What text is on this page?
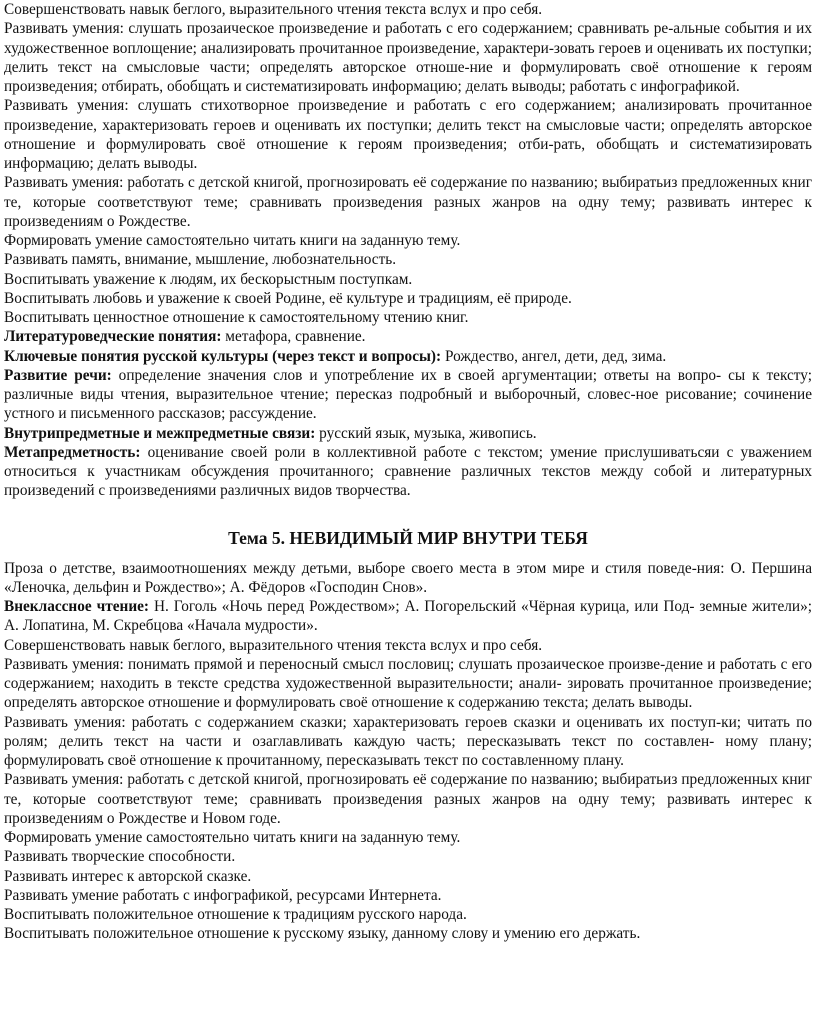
Совершенствовать навык беглого, выразительного чтения текста вслух и про себя.

Развивать умения: слушать прозаическое произведение и работать с его содержанием; сравнивать ре-альные события и их художественное воплощение; анализировать прочитанное произведение, характери-зовать героев и оценивать их поступки; делить текст на смысловые части; определять авторское отноше-ние и формулировать своё отношение к героям произведения; отбирать, обобщать и систематизировать информацию; делать выводы; работать с инфографикой.

Развивать умения: слушать стихотворное произведение и работать с его содержанием; анализировать прочитанное произведение, характеризовать героев и оценивать их поступки; делить текст на смысловые части; определять авторское отношение и формулировать своё отношение к героям произведения; отби-рать, обобщать и систематизировать информацию; делать выводы.

Развивать умения: работать с детской книгой, прогнозировать её содержание по названию; выбиратьиз предложенных книг те, которые соответствуют теме; сравнивать произведения разных жанров на одну тему; развивать интерес к произведениям о Рождестве.

Формировать умение самостоятельно читать книги на заданную тему.

Развивать память, внимание, мышление, любознательность.

Воспитывать уважение к людям, их бескорыстным поступкам.

Воспитывать любовь и уважение к своей Родине, её культуре и традициям, её природе.

Воспитывать ценностное отношение к самостоятельному чтению книг.

Литературоведческие понятия: метафора, сравнение.

Ключевые понятия русской культуры (через текст и вопросы): Рождество, ангел, дети, дед, зима.

Развитие речи: определение значения слов и употребление их в своей аргументации; ответы на вопро- сы к тексту; различные виды чтения, выразительное чтение; пересказ подробный и выборочный, словес-ное рисование; сочинение устного и письменного рассказов; рассуждение.

Внутрипредметные и межпредметные связи: русский язык, музыка, живопись.

Метапредметность: оценивание своей роли в коллективной работе с текстом; умение прислушиватьсяи с уважением относиться к участникам обсуждения прочитанного; сравнение различных текстов между собой и литературных произведений с произведениями различных видов творчества.

Тема 5. НЕВИДИМЫЙ МИР ВНУТРИ ТЕБЯ

Проза о детстве, взаимоотношениях между детьми, выборе своего места в этом мире и стиля поведе-ния: О. Першина «Леночка, дельфин и Рождество»; А. Фёдоров «Господин Снов».

Внеклассное чтение: Н. Гоголь «Ночь перед Рождеством»; А. Погорельский «Чёрная курица, или Под- земные жители»; А. Лопатина, М. Скребцова «Начала мудрости».

Совершенствовать навык беглого, выразительного чтения текста вслух и про себя.

Развивать умения: понимать прямой и переносный смысл пословиц; слушать прозаическое произве-дение и работать с его содержанием; находить в тексте средства художественной выразительности; анали- зировать прочитанное произведение; определять авторское отношение и формулировать своё отношение к содержанию текста; делать выводы.

Развивать умения: работать с содержанием сказки; характеризовать героев сказки и оценивать их поступ-ки; читать по ролям; делить текст на части и озаглавливать каждую часть; пересказывать текст по составлен- ному плану; формулировать своё отношение к прочитанному, пересказывать текст по составленному плану.

Развивать умения: работать с детской книгой, прогнозировать её содержание по названию; выбиратьиз предложенных книг те, которые соответствуют теме; сравнивать произведения разных жанров на одну тему; развивать интерес к произведениям о Рождестве и Новом годе.

Формировать умение самостоятельно читать книги на заданную тему.

Развивать творческие способности.

Развивать интерес к авторской сказке.

Развивать умение работать с инфографикой, ресурсами Интернета.

Воспитывать положительное отношение к традициям русского народа.

Воспитывать положительное отношение к русскому языку, данному слову и умению его держать.
